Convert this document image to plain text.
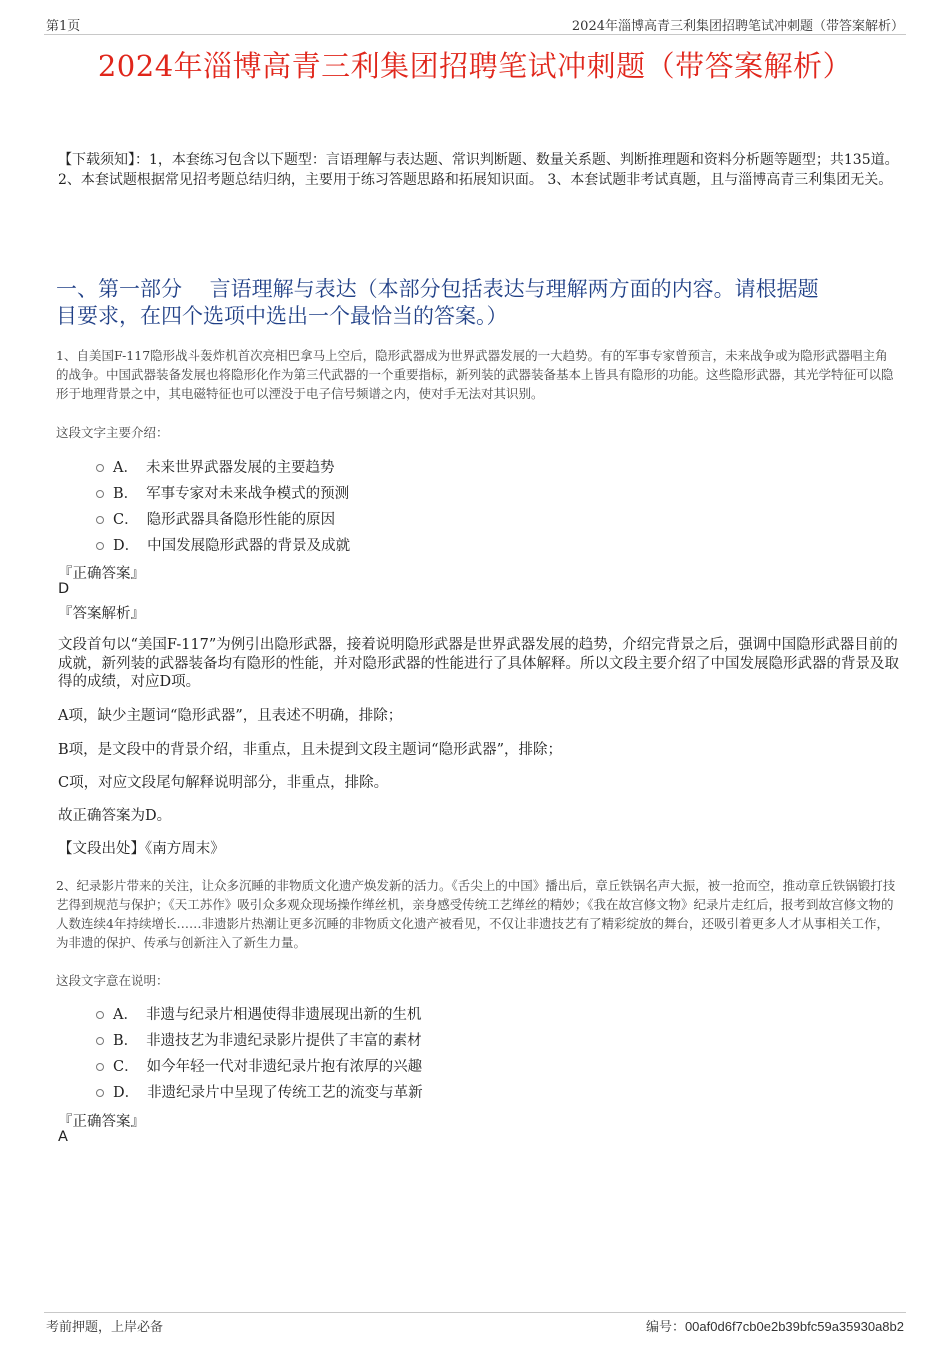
第1页	2024年淄博高青三利集团招聘笔试冲刺题（带答案解析）
2024年淄博高青三利集团招聘笔试冲刺题（带答案解析）
【下载须知】：1，本套练习包含以下题型：言语理解与表达题、常识判断题、数量关系题、判断推理题和资料分析题等题型；共135道。 2、本套试题根据常见招考题总结归纳，主要用于练习答题思路和拓展知识面。 3、本套试题非考试真题，且与淄博高青三利集团无关。
一、第一部分　 言语理解与表达（本部分包括表达与理解两方面的内容。请根据题
目要求，在四个选项中选出一个最恰当的答案。）
1、自美国F-117隐形战斗轰炸机首次亮相巴拿马上空后，隐形武器成为世界武器发展的一大趋势。有的军事专家曾预言，未来战争或为隐形武器唱主角的战争。中国武器装备发展也将隐形化作为第三代武器的一个重要指标，新列装的武器装备基本上皆具有隐形的功能。这些隐形武器，其光学特征可以隐形于地理背景之中，其电磁特征也可以湮没于电子信号频谱之内，使对手无法对其识别。
这段文字主要介绍：
A． 未来世界武器发展的主要趋势
B． 军事专家对未来战争模式的预测
C． 隐形武器具备隐形性能的原因
D． 中国发展隐形武器的背景及成就
『正确答案』
D
『答案解析』
文段首句以“美国F-117”为例引出隐形武器，接着说明隐形武器是世界武器发展的趋势，介绍完背景之后，强调中国隐形武器目前的成就，新列装的武器装备均有隐形的性能，并对隐形武器的性能进行了具体解释。所以文段主要介绍了中国发展隐形武器的背景及取得的成绩，对应D项。
A项，缺少主题词“隐形武器”，且表述不明确，排除；
B项，是文段中的背景介绍，非重点，且未提到文段主题词“隐形武器”，排除；
C项，对应文段尾句解释说明部分，非重点，排除。
故正确答案为D。
【文段出处】《南方周末》
2、纪录影片带来的关注，让众多沉睡的非物质文化遗产焕发新的活力。《舌尖上的中国》播出后，章丘铁锅名声大振，被一抢而空，推动章丘铁锅锻打技艺得到规范与保护；《天工苏作》吸引众多观众现场操作缂丝机，亲身感受传统工艺缂丝的精妙；《我在故宫修文物》纪录片走红后，报考到故宫修文物的人数连续4年持续增长……非遗影片热潮让更多沉睡的非物质文化遗产被看见，不仅让非遗技艺有了精彩绽放的舞台，还吸引着更多人才从事相关工作，为非遗的保护、传承与创新注入了新生力量。
这段文字意在说明：
A． 非遗与纪录片相遇使得非遗展现出新的生机
B． 非遗技艺为非遗纪录影片提供了丰富的素材
C． 如今年轻一代对非遗纪录片抱有浓厚的兴趣
D． 非遗纪录片中呈现了传统工艺的流变与革新
『正确答案』
A
考前押题，上岸必备	编号：00af0d6f7cb0e2b39bfc59a35930a8b2
